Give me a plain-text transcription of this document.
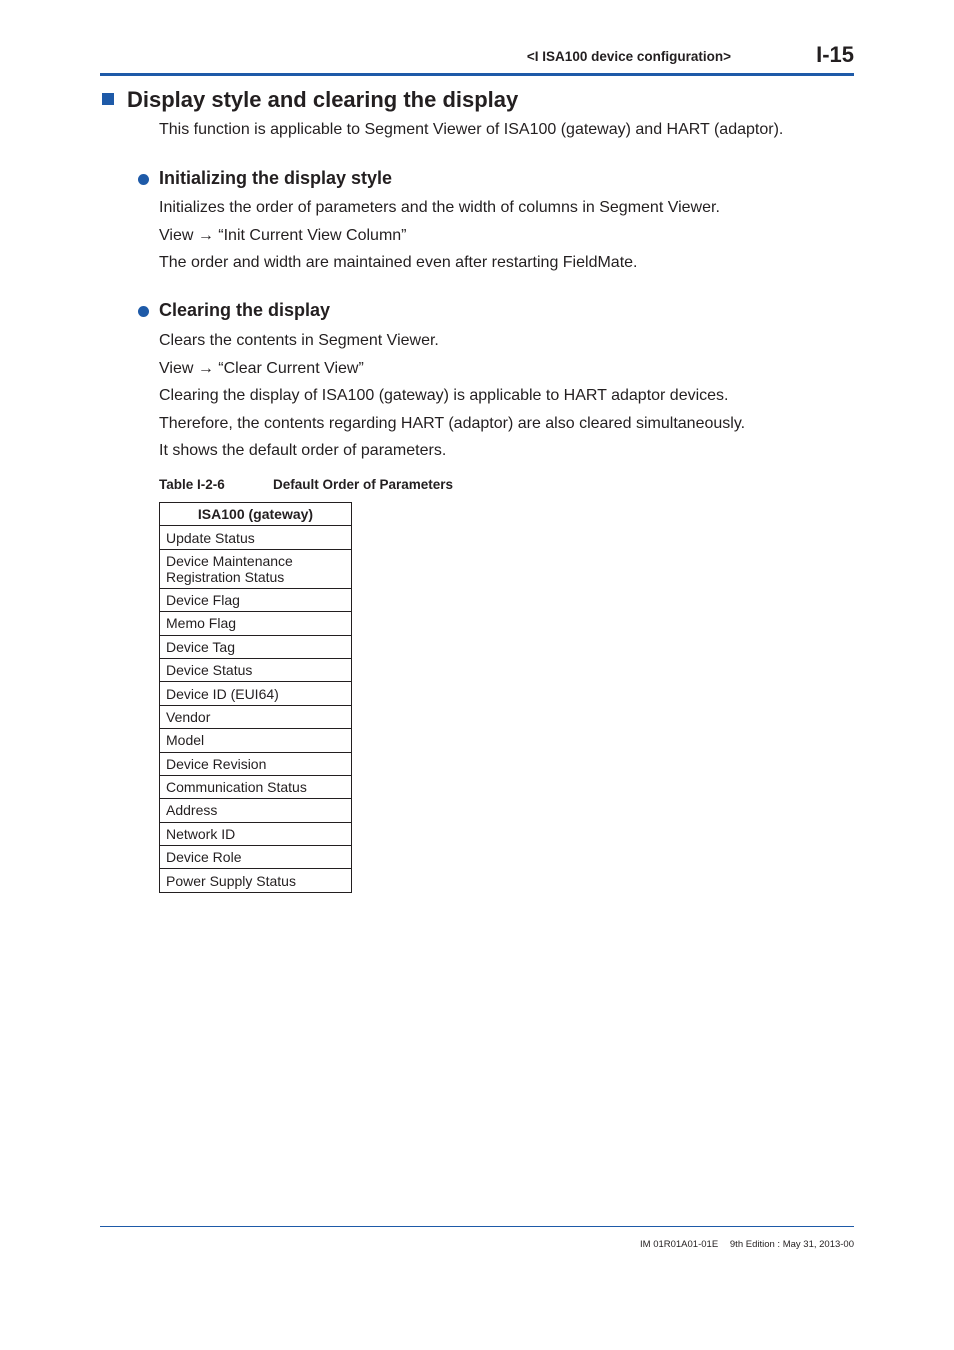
<I ISA100 device configuration>	I-15
Display style and clearing the display
This function is applicable to Segment Viewer of ISA100 (gateway) and HART (adaptor).
Initializing the display style
Initializes the order of parameters and the width of columns in Segment Viewer.
View → “Init Current View Column”
The order and width are maintained even after restarting FieldMate.
Clearing the display
Clears the contents in Segment Viewer.
View → “Clear Current View”
Clearing the display of ISA100 (gateway) is applicable to HART adaptor devices.
Therefore, the contents regarding HART (adaptor) are also cleared simultaneously.
It shows the default order of parameters.
Table I-2-6	Default Order of Parameters
ISA100 (gateway)
Update Status
Device Maintenance
Registration Status
Device Flag
Memo Flag
Device Tag
Device Status
Device ID (EUI64)
Vendor
Model
Device Revision
Communication Status
Address
Network ID
Device Role
Power Supply Status
IM 01R01A01-01E 9th Edition : May 31, 2013-00
